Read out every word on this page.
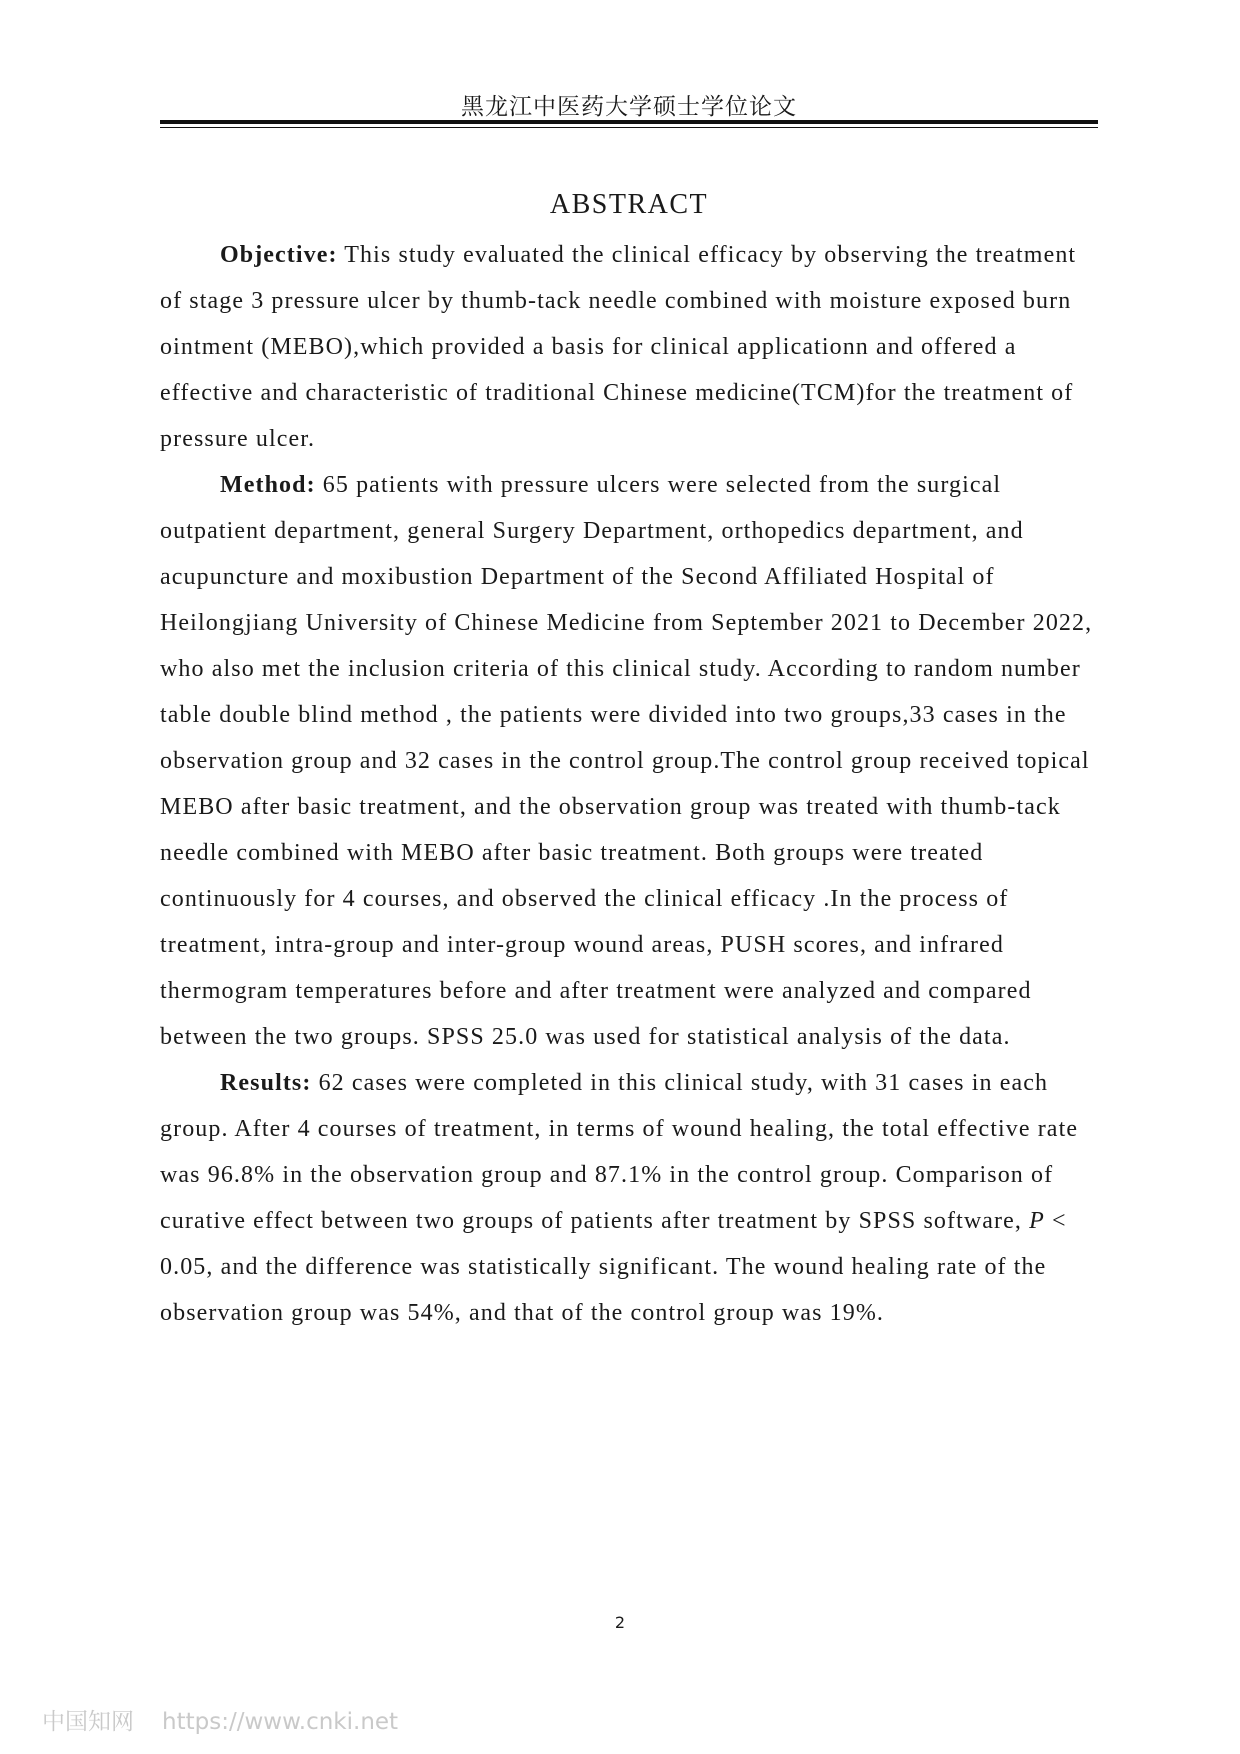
黑龙江中医药大学硕士学位论文
ABSTRACT

Objective: This study evaluated the clinical efficacy by observing the treatment of stage 3 pressure ulcer by thumb-tack needle combined with moisture exposed burn ointment (MEBO),which provided a basis for clinical applicationn and offered a effective and characteristic of traditional Chinese medicine(TCM)for the treatment of pressure ulcer.

Method: 65 patients with pressure ulcers were selected from the surgical outpatient department, general Surgery Department, orthopedics department, and acupuncture and moxibustion Department of the Second Affiliated Hospital of Heilongjiang University of Chinese Medicine from September 2021 to December 2022, who also met the inclusion criteria of this clinical study. According to random number table double blind method , the patients were divided into two groups,33 cases in the observation group and 32 cases in the control group.The control group received topical MEBO after basic treatment, and the observation group was treated with thumb-tack needle combined with MEBO after basic treatment. Both groups were treated continuously for 4 courses, and observed the clinical efficacy .In the process of treatment, intra-group and inter-group wound areas, PUSH scores, and infrared thermogram temperatures before and after treatment were analyzed and compared between the two groups. SPSS 25.0 was used for statistical analysis of the data.

Results: 62 cases were completed in this clinical study, with 31 cases in each group. After 4 courses of treatment, in terms of wound healing, the total effective rate was 96.8% in the observation group and 87.1% in the control group. Comparison of curative effect between two groups of patients after treatment by SPSS software, P < 0.05, and the difference was statistically significant. The wound healing rate of the observation group was 54%, and that of the control group was 19%.

2
中国知网 https://www.cnki.net
